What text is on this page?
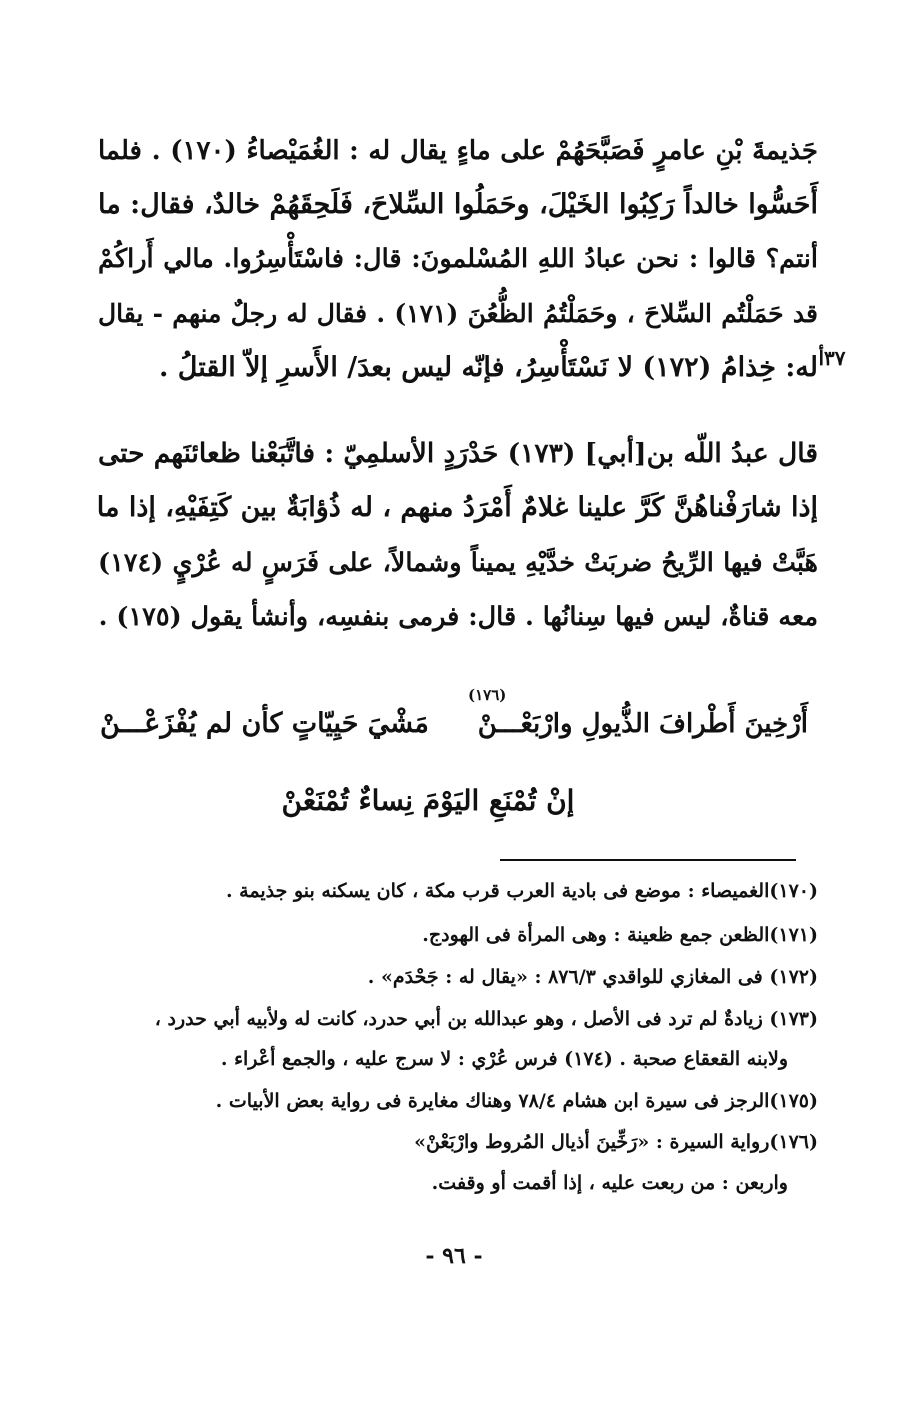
جَذيمةَ بْنِ عامرٍ فَصَبَّحَهُمْ على ماءٍ يقال له : الغُمَيْصاءُ (١٧٠) . فلما
أَحَسُّوا خالداً رَكِبُوا الخَيْلَ، وحَمَلُوا السِّلاحَ، فَلَحِقَهُمْ خالدٌ، فقال: ما
أنتم؟ قالوا : نحن عبادُ اللهِ المُسْلمونَ: قال: فاسْتَأْسِرُوا. مالي أَراكُمْ
قد حَمَلْتُم السِّلاحَ ، وحَمَلْتُمُ الظُّعُنَ (١٧١) . فقال له رجلٌ منهم - يقال
له: خِذامُ (١٧٢) لا نَسْتَأْسِرُ، فإنّه ليس بعدَ/ الأَسرِ إلاّ القتلُ . ٣٧أ
قال عبدُ اللّه بن[أبي] (١٧٣) حَدْرَدٍ الأسلمِيّ : فاتَّبَعْنا ظعائنَهم حتى
إذا شارَفْناهُنَّ كَرَّ علينا غلامٌ أَمْرَدُ منهم ، له ذُؤابَةٌ بين كَتِفَيْهِ، إذا ما
هَبَّتْ فيها الرِّيحُ ضربَتْ خدَّيْهِ يميناً وشمالاً، على فَرَسٍ له عُرْيٍ (١٧٤)
معه قناةٌ، ليس فيها سِنانُها . قال: فرمى بنفسِه، وأنشأ يقول (١٧٥) .
(١٧٦)
أَرْخِينَ أَطْرافَ الذُّيولِ وارْبَعْـــنْ
مَشْيَ حَيِيّاتٍ كأن لم يُفْزَعْـــنْ
إنْ تُمْنَعِ اليَوْمَ نِساءٌ تُمْنَعْنْ
(١٧٠)الغميصاء : موضع فى بادية العرب قرب مكة ، كان يسكنه بنو جذيمة .
(١٧١)الظعن جمع ظعينة : وهى المرأة فى الهودج.
(١٧٢) فى المغازي للواقدي ٨٧٦/٣ : «يقال له : جَحْدَم» .
(١٧٣) زيادةٌ لم ترد فى الأصل ، وهو عبدالله بن أبي حدرد، كانت له ولأبيه أبي حدرد ،
ولابنه القعقاع صحبة . (١٧٤) فرس عُرْي : لا سرج عليه ، والجمع أعْراء .
(١٧٥)الرجز فى سيرة ابن هشام ٧٨/٤ وهناك مغايرة فى رواية بعض الأبيات .
(١٧٦)رواية السيرة : «رَخِّينَ أذيال المُروط وارْبَعْنْ»
واربعن : من ربعت عليه ، إذا أقمت أو وقفت.
- ٩٦ -
